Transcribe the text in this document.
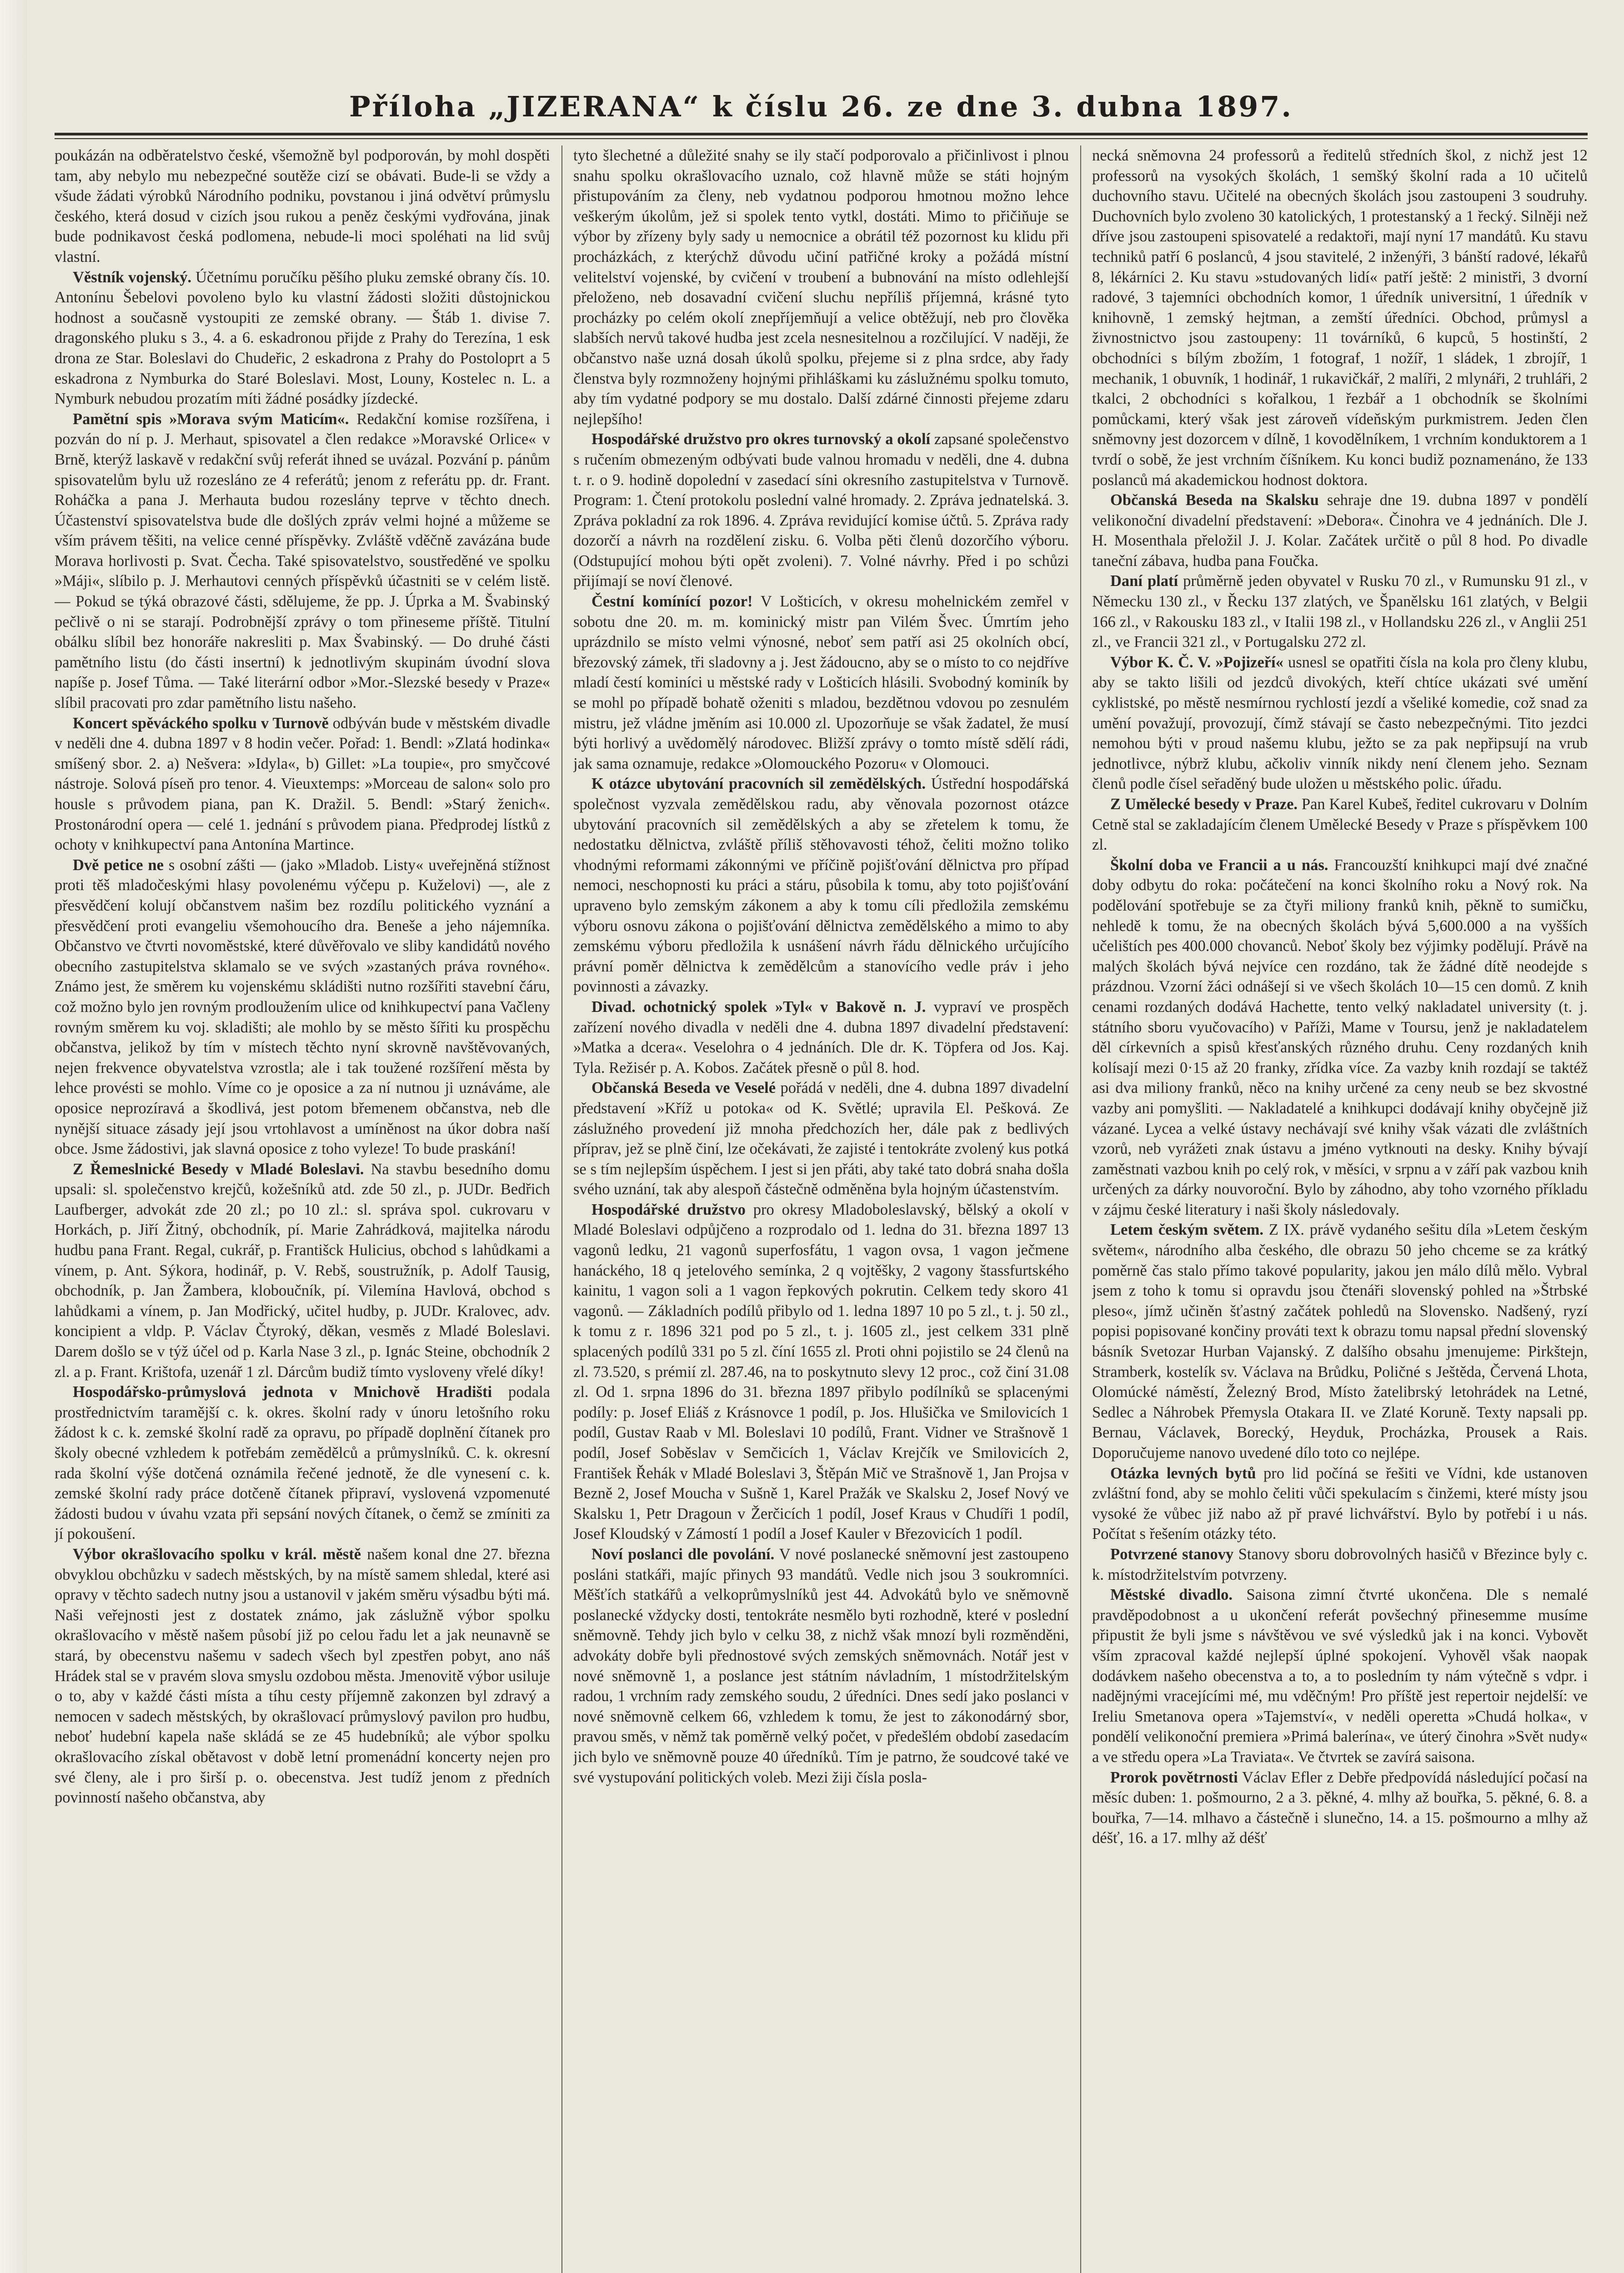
Příloha „JIZERANA“ k číslu 26. ze dne 3. dubna 1897.

poukázán na odběratelstvo české, všemožně byl podporován, by mohl dospěti tam, aby nebylo mu nebezpečné soutěže cizí se obávati. Bude-li se vždy a všude žádati výrobků Národního podniku, povstanou i jiná odvětví průmyslu českého, která dosud v cizích jsou rukou a peněz českými vydřována, jinak bude podnikavost česká podlomena, nebude-li moci spoléhati na lid svůj vlastní.

Věstník vojenský. Účetnímu poručíku pěšího pluku zemské obrany čís. 10. Antonínu Šebelovi povoleno bylo ku vlastní žádosti složiti důstojnickou hodnost a současně vystoupiti ze zemské obrany. — Štáb 1. divise 7. dragonského pluku s 3., 4. a 6. eskadronou přijde z Prahy do Terezína, 1 esk drona ze Star. Boleslavi do Chudeřic, 2 eskadrona z Prahy do Postoloprt a 5 eskadrona z Nymburka do Staré Boleslavi. Most, Louny, Kostelec n. L. a Nymburk nebudou prozatím míti žádné posádky jízdecké.

Pamětní spis »Morava svým Maticím«. Redakční komise rozšířena, i pozván do ní p. J. Merhaut, spisovatel a člen redakce »Moravské Orlice« v Brně, kterýž laskavě v redakční svůj referát ihned se uvázal. Pozvání p. pánům spisovatelům bylu už rozesláno ze 4 referátů; jenom z referátu pp. dr. Frant. Roháčka a pana J. Merhauta budou rozeslány teprve v těchto dnech. Účastenství spisovatelstva bude dle došlých zpráv velmi hojné a můžeme se vším právem těšiti, na velice cenné příspěvky. Zvláště vděčně zavázána bude Morava horlivosti p. Svat. Čecha. Také spisovatelstvo, soustředěné ve spolku »Máji«, slíbilo p. J. Merhautovi cenných příspěvků účastniti se v celém listě. — Pokud se týká obrazové části, sdělujeme, že pp. J. Úprka a M. Švabinský pečlivě o ni se starají. Podrobnější zprávy o tom přineseme příště. Titulní obálku slíbil bez honoráře nakresliti p. Max Švabinský. — Do druhé části pamětního listu (do části insertní) k jednotlivým skupinám úvodní slova napíše p. Josef Tůma. — Také literární odbor »Mor.-Slezské besedy v Praze« slíbil pracovati pro zdar pamětního listu našeho.

Koncert spěváckého spolku v Turnově odbýván bude v městském divadle v neděli dne 4. dubna 1897 v 8 hodin večer. Pořad: 1. Bendl: »Zlatá hodinka« smíšený sbor. 2. a) Nešvera: »Idyla«, b) Gillet: »La toupie«, pro smyčcové nástroje. Solová píseň pro tenor. 4. Vieuxtemps: »Morceau de salon« solo pro housle s průvodem piana, pan K. Dražil. 5. Bendl: »Starý ženich«. Prostonárodní opera — celé 1. jednání s průvodem piana. Předprodej lístků z ochoty v knihkupectví pana Antonína Martince.

Dvě petice ne s osobní zášti — (jako »Mladob. Listy« uveřejněná stížnost proti těš mladočeskými hlasy povolenému výčepu p. Kuželovi) —, ale z přesvědčení kolují občanstvem našim bez rozdílu politického vyznání a přesvědčení proti evangeliu všemohoucího dra. Beneše a jeho nájemníka. Občanstvo ve čtvrti novoměstské, které důvěřovalo ve sliby kandidátů nového obecního zastupitelstva sklamalo se ve svých »zastaných práva rovného«. Známo jest, že směrem ku vojenskému skládišti nutno rozšířiti stavební čáru, což možno bylo jen rovným prodloužením ulice od knihkupectví pana Vačleny rovným směrem ku voj. skladišti; ale mohlo by se město šířiti ku prospěchu občanstva, jelikož by tím v místech těchto nyní skrovně navštěvovaných, nejen frekvence obyvatelstva vzrostla; ale i tak toužené rozšíření města by lehce provésti se mohlo. Víme co je oposice a za ní nutnou ji uznáváme, ale oposice neprozíravá a škodlivá, jest potom břemenem občanstva, neb dle nynější situace zásady její jsou vrtohlavost a umíněnost na úkor dobra naší obce. Jsme žádostivi, jak slavná oposice z toho vyleze! To bude praskání!

Z Řemeslnické Besedy v Mladé Boleslavi. Na stavbu besedního domu upsali: sl. společenstvo krejčů, kožešníků atd. zde 50 zl., p. JUDr. Bedřich Laufberger, advokát zde 20 zl.; po 10 zl.: sl. správa spol. cukrovaru v Horkách, p. Jiří Žitný, obchodník, pí. Marie Zahrádková, majitelka národu hudbu pana Frant. Regal, cukrář, p. Františck Hulicius, obchod s lahůdkami a vínem, p. Ant. Sýkora, hodinář, p. V. Rebš, soustružník, p. Adolf Tausig, obchodník, p. Jan Žambera, kloboučník, pí. Vilemína Havlová, obchod s lahůdkami a vínem, p. Jan Modřický, učitel hudby, p. JUDr. Kralovec, adv. koncipient a vldp. P. Václav Čtyroký, děkan, vesměs z Mladé Boleslavi. Darem došlo se v týž účel od p. Karla Nase 3 zl., p. Ignác Steine, obchodník 2 zl. a p. Frant. Krištofa, uzenář 1 zl. Dárcům budiž tímto vysloveny vřelé díky!

Hospodářsko-průmyslová jednota v Mnichově Hradišti podala prostřednictvím taramější c. k. okres. školní rady v únoru letošního roku žádost k c. k. zemské školní radě za opravu, po případě doplnění čítanek pro školy obecné vzhledem k potřebám zemědělců a průmyslníků. C. k. okresní rada školní výše dotčená oznámila řečené jednotě, že dle vynesení c. k. zemské školní rady práce dotčeně čítanek připraví, vyslovená vzpomenuté žádosti budou v úvahu vzata při sepsání nových čítanek, o čemž se zmíniti za jí pokoušení.

Výbor okrašlovacího spolku v král. městě našem konal dne 27. března obvyklou obchůzku v sadech městských, by na místě samem shledal, které asi opravy v těchto sadech nutny jsou a ustanovil v jakém směru výsadbu býti má. Naši veřejnosti jest z dostatek známo, jak záslužně výbor spolku okrašlovacího v městě našem působí již po celou řadu let a jak neunavně se stará, by obecenstvu našemu v sadech všech byl zpestřen pobyt, ano náš Hrádek stal se v pravém slova smyslu ozdobou města. Jmenovitě výbor usiluje o to, aby v každé části místa a tíhu cesty příjemně zakonzen byl zdravý a nemocen v sadech městských, by okrašlovací průmyslový pavilon pro hudbu, neboť hudební kapela naše skládá se ze 45 hudebníků; ale výbor spolku okrašlovacího získal obětavost v době letní promenádní koncerty nejen pro své členy, ale i pro širší p. o. obecenstva. Jest tudíž jenom z předních povinností našeho občanstva, aby

tyto šlechetné a důležité snahy se ily stačí podporovalo a přičinlivost i plnou snahu spolku okrašlovacího uznalo, což hlavně může se státi hojným přistupováním za členy, neb vydatnou podporou hmotnou možno lehce veškerým úkolům, jež si spolek tento vytkl, dostáti. Mimo to přičiňuje se výbor by zřízeny byly sady u nemocnice a obrátil též pozornost ku klidu při procházkách, z kterýchž důvodu učiní patřičné kroky a požádá místní velitelství vojenské, by cvičení v troubení a bubnování na místo odlehlejší přeloženo, neb dosavadní cvičení sluchu nepříliš příjemná, krásné tyto procházky po celém okolí znepříjemňují a velice obtěžují, neb pro člověka slabších nervů takové hudba jest zcela nesnesitelnou a rozčilující. V naději, že občanstvo naše uzná dosah úkolů spolku, přejeme si z plna srdce, aby řady členstva byly rozmnoženy hojnými přihláškami ku záslužnému spolku tomuto, aby tím vydatné podpory se mu dostalo. Další zdárné činnosti přejeme zdaru nejlepšího!

Hospodářské družstvo pro okres turnovský a okolí zapsané společenstvo s ručením obmezeným odbývati bude valnou hromadu v neděli, dne 4. dubna t. r. o 9. hodině dopolední v zasedací síni okresního zastupitelstva v Turnově. Program: 1. Čtení protokolu poslední valné hromady. 2. Zpráva jednatelská. 3. Zpráva pokladní za rok 1896. 4. Zpráva revidující komise účtů. 5. Zpráva rady dozorčí a návrh na rozdělení zisku. 6. Volba pěti členů dozorčího výboru. (Odstupující mohou býti opět zvoleni). 7. Volné návrhy. Před i po schůzi přijímají se noví členové.

Čestní komínící pozor! V Lošticích, v okresu mohelnickém zemřel v sobotu dne 20. m. m. kominický mistr pan Vilém Švec. Úmrtím jeho uprázdnilo se místo velmi výnosné, neboť sem patří asi 25 okolních obcí, březovský zámek, tři sladovny a j. Jest žádoucno, aby se o místo to co nejdříve mladí čestí kominíci u městské rady v Lošticích hlásili. Svobodný kominík by se mohl po případě bohatě oženiti s mladou, bezdětnou vdovou po zesnulém mistru, jež vládne jměním asi 10.000 zl. Upozorňuje se však žadatel, že musí býti horlivý a uvědomělý národovec. Bližší zprávy o tomto místě sdělí rádi, jak sama oznamuje, redakce »Olomouckého Pozoru« v Olomouci.

K otázce ubytování pracovních sil zemědělských. Ústřední hospodářská společnost vyzvala zemědělskou radu, aby věnovala pozornost otázce ubytování pracovních sil zemědělských a aby se zřetelem k tomu, že nedostatku dělnictva, zvláště příliš stěhovavosti téhož, čeliti možno toliko vhodnými reformami zákonnými ve příčině pojišťování dělnictva pro případ nemoci, neschopnosti ku práci a stáru, působila k tomu, aby toto pojišťování upraveno bylo zemským zákonem a aby k tomu cíli předložila zemskému výboru osnovu zákona o pojišťování dělnictva zemědělského a mimo to aby zemskému výboru předložila k usnášení návrh řádu dělnického určujícího právní poměr dělnictva k zemědělcům a stanovícího vedle práv i jeho povinnosti a závazky.

Divad. ochotnický spolek »Tyl« v Bakově n. J. vypraví ve prospěch zařízení nového divadla v neděli dne 4. dubna 1897 divadelní představení: »Matka a dcera«. Veselohra o 4 jednáních. Dle dr. K. Töpfera od Jos. Kaj. Tyla. Režisér p. A. Kobos. Začátek přesně o půl 8. hod.

Občanská Beseda ve Veselé pořádá v neděli, dne 4. dubna 1897 divadelní představení »Kříž u potoka« od K. Světlé; upravila El. Pešková. Ze záslužného provedení již mnoha předchozích her, dále pak z bedlivých příprav, jež se plně činí, lze očekávati, že zajisté i tentokráte zvolený kus potká se s tím nejlepším úspěchem. I jest si jen přáti, aby také tato dobrá snaha došla svého uznání, tak aby alespoň částečně odměněna byla hojným účastenstvím.

Hospodářské družstvo pro okresy Mladoboleslavský, bělský a okolí v Mladé Boleslavi odpůjčeno a rozprodalo od 1. ledna do 31. března 1897 13 vagonů ledku, 21 vagonů superfosfátu, 1 vagon ovsa, 1 vagon ječmene hanáckého, 18 q jetelového semínka, 2 q vojtěšky, 2 vagony štassfurtského kainitu, 1 vagon soli a 1 vagon řepkových pokrutin. Celkem tedy skoro 41 vagonů. — Základních podílů přibylo od 1. ledna 1897 10 po 5 zl., t. j. 50 zl., k tomu z r. 1896 321 pod po 5 zl., t. j. 1605 zl., jest celkem 331 plně splacených podílů 331 po 5 zl. číní 1655 zl. Proti ohni pojistilo se 24 členů na zl. 73.520, s prémií zl. 287.46, na to poskytnuto slevy 12 proc., což činí 31.08 zl. Od 1. srpna 1896 do 31. března 1897 přibylo podílníků se splacenými podíly: p. Josef Eliáš z Krásnovce 1 podíl, p. Jos. Hlušička ve Smilovicích 1 podíl, Gustav Raab v Ml. Boleslavi 10 podílů, Frant. Vidner ve Strašnově 1 podíl, Josef Soběslav v Semčicích 1, Václav Krejčík ve Smilovicích 2, František Řehák v Mladé Boleslavi 3, Štěpán Mič ve Strašnově 1, Jan Projsa v Bezně 2, Josef Moucha v Sušně 1, Karel Pražák ve Skalsku 2, Josef Nový ve Skalsku 1, Petr Dragoun v Žerčicích 1 podíl, Josef Kraus v Chudíři 1 podíl, Josef Kloudský v Zámostí 1 podíl a Josef Kauler v Březovicích 1 podíl.

Noví poslanci dle povolání. V nové poslanecké sněmovní jest zastoupeno posláni statkáři, majíc přinych 93 mandátů. Vedle nich jsou 3 soukromníci. Měšťích statkářů a velkoprůmyslníků jest 44. Advokátů bylo ve sněmovně poslanecké vždycky dosti, tentokráte nesmělo byti rozhodně, které v poslední sněmovně. Tehdy jich bylo v celku 38, z nichž však mnozí byli rozměnděni, advokáty dobře byli přednostové svých zemských sněmovnách. Notář jest v nové sněmovně 1, a poslance jest státním návladním, 1 místodržitelským radou, 1 vrchním rady zemského soudu, 2 úředníci. Dnes sedí jako poslanci v nové sněmovně celkem 66, vzhledem k tomu, že jest to zákonodárný sbor, pravou směs, v němž tak poměrně velký počet, v předešlém období zasedacím jich bylo ve sněmovně pouze 40 úředníků. Tím je patrno, že soudcové také ve své vystupování politických voleb. Mezi žiji čísla posla-

necká sněmovna 24 professorů a ředitelů středních škol, z nichž jest 12 professorů na vysokých školách, 1 semšký školní rada a 10 učitelů duchovního stavu. Učitelé na obecných školách jsou zastoupeni 3 soudruhy. Duchovních bylo zvoleno 30 katolických, 1 protestanský a 1 řecký. Silněji než dříve jsou zastoupeni spisovatelé a redaktoři, mají nyní 17 mandátů. Ku stavu techniků patří 6 poslanců, 4 jsou stavitelé, 2 inženýři, 3 bánští radové, lékařů 8, lékárníci 2. Ku stavu »studovaných lidí« patří ještě: 2 ministři, 3 dvorní radové, 3 tajemníci obchodních komor, 1 úředník universitní, 1 úředník v knihovně, 1 zemský hejtman, a zemští úředníci. Obchod, průmysl a živnostnictvo jsou zastoupeny: 11 továrníků, 6 kupců, 5 hostinští, 2 obchodníci s bílým zbožím, 1 fotograf, 1 nožíř, 1 sládek, 1 zbrojíř, 1 mechanik, 1 obuvník, 1 hodinář, 1 rukavičkář, 2 malíři, 2 mlynáři, 2 truhláři, 2 tkalci, 2 obchodníci s kořalkou, 1 řezbář a 1 obchodník se školními pomůckami, který však jest zároveň vídeňským purkmistrem. Jeden člen sněmovny jest dozorcem v dílně, 1 kovodělníkem, 1 vrchním konduktorem a 1 tvrdí o sobě, že jest vrchním číšníkem. Ku konci budiž poznamenáno, že 133 poslanců má akademickou hodnost doktora.

Občanská Beseda na Skalsku sehraje dne 19. dubna 1897 v pondělí velikonoční divadelní představení: »Debora«. Činohra ve 4 jednáních. Dle J. H. Mosenthala přeložil J. J. Kolar. Začátek určitě o půl 8 hod. Po divadle taneční zábava, hudba pana Foučka.

Daní platí průměrně jeden obyvatel v Rusku 70 zl., v Rumunsku 91 zl., v Německu 130 zl., v Řecku 137 zlatých, ve Španělsku 161 zlatých, v Belgii 166 zl., v Rakousku 183 zl., v Italii 198 zl., v Hollandsku 226 zl., v Anglii 251 zl., ve Francii 321 zl., v Portugalsku 272 zl.

Výbor K. Č. V. »Pojizeří« usnesl se opatřiti čísla na kola pro členy klubu, aby se takto lišili od jezdců divokých, kteří chtíce ukázati své umění cyklistské, po městě nesmírnou rychlostí jezdí a všeliké komedie, což snad za umění považují, provozují, čímž stávají se často nebezpečnými. Tito jezdci nemohou býti v proud našemu klubu, ježto se za pak nepřipsují na vrub jednotlivce, nýbrž klubu, ačkoliv vinník nikdy není členem jeho. Seznam členů podle čísel seřaděný bude uložen u městského polic. úřadu.

Z Umělecké besedy v Praze. Pan Karel Kubeš, ředitel cukrovaru v Dolním Cetně stal se zakladajícím členem Umělecké Besedy v Praze s příspěvkem 100 zl.

Školní doba ve Francii a u nás. Francouzští knihkupci mají dvé značné doby odbytu do roka: počátečení na konci školního roku a Nový rok. Na podělování spotřebuje se za čtyři miliony franků knih, pěkně to sumičku, nehledě k tomu, že na obecných školách bývá 5,600.000 a na vyšších učelištích pes 400.000 chovanců. Neboť školy bez výjimky podělují. Právě na malých školách bývá nejvíce cen rozdáno, tak že žádné dítě neodejde s prázdnou. Vzorní žáci odnášejí si ve všech školách 10—15 cen domů. Z knih cenami rozdaných dodává Hachette, tento velký nakladatel university (t. j. státního sboru vyučovacího) v Paříži, Mame v Toursu, jenž je nakladatelem děl církevních a spisů křesťanských různého druhu. Ceny rozdaných knih kolísají mezi 0·15 až 20 franky, zřídka více. Za vazby knih rozdají se taktéž asi dva miliony franků, něco na knihy určené za ceny neub se bez skvostné vazby ani pomyšliti. — Nakladatelé a knihkupci dodávají knihy obyčejně již vázané. Lycea a velké ústavy nechávají své knihy však vázati dle zvláštních vzorů, neb vyrážeti znak ústavu a jméno vytknouti na desky. Knihy bývají zaměstnati vazbou knih po celý rok, v měsíci, v srpnu a v září pak vazbou knih určených za dárky nouvoroční. Bylo by záhodno, aby toho vzorného příkladu v zájmu české literatury i naši školy následovaly.

Letem českým světem. Z IX. právě vydaného sešitu díla »Letem českým světem«, národního alba českého, dle obrazu 50 jeho chceme se za krátký poměrně čas stalo přímo takové popularity, jakou jen málo dílů mělo. Vybral jsem z toho k tomu si opravdu jsou čtenáři slovenský pohled na »Štrbské pleso«, jímž učiněn šťastný začátek pohledů na Slovensko. Nadšený, ryzí popisi popisované končiny prováti text k obrazu tomu napsal přední slovenský básník Svetozar Hurban Vajanský. Z dalšího obsahu jmenujeme: Pirkštejn, Stramberk, kostelík sv. Václava na Brůdku, Poličné s Ještěda, Červená Lhota, Olomúcké náměstí, Železný Brod, Místo žatelibrský letohrádek na Letné, Sedlec a Náhrobek Přemysla Otakara II. ve Zlaté Koruně. Texty napsali pp. Bernau, Václavek, Borecký, Heyduk, Procházka, Prousek a Rais. Doporučujeme nanovo uvedené dílo toto co nejlépe.

Otázka levných bytů pro lid počíná se řešiti ve Vídni, kde ustanoven zvláštní fond, aby se mohlo čeliti vůči spekulacím s činžemi, které místy jsou vysoké že vůbec již nabo až př pravé lichvářství. Bylo by potřebí i u nás. Počítat s řešením otázky této.

Potvrzené stanovy Stanovy sboru dobrovolných hasičů v Březince byly c. k. místodržitelstvím potvrzeny.

Městské divadlo. Saisona zimní čtvrté ukončena. Dle s nemalé pravděpodobnost a u ukončení referát povšechný přinesemme musíme připustit že byli jsme s návštěvou ve své výsledků jak i na konci. Vybovět vším zpracoval každé nejlepší úplné spokojení. Vyhověl však naopak dodávkem našeho obecenstva a to, a to posledním ty nám výtečně s vdpr. i nadějnými vracejícími mé, mu vděčným! Pro příště jest repertoir nejdelší: ve Ireliu Smetanova opera »Tajemství«, v neděli operetta »Chudá holka«, v pondělí velikonoční premiera »Primá balerína«, ve úterý činohra »Svět nudy« a ve středu opera »La Traviata«. Ve čtvrtek se zavírá saisona.

Prorok povětrnosti Václav Efler z Debře předpovídá následující počasí na měsíc duben: 1. pošmourno, 2 a 3. pěkné, 4. mlhy až bouřka, 5. pěkné, 6. 8. a bouřka, 7—14. mlhavo a částečně i slunečno, 14. a 15. pošmourno a mlhy až déšť, 16. a 17. mlhy až déšť
